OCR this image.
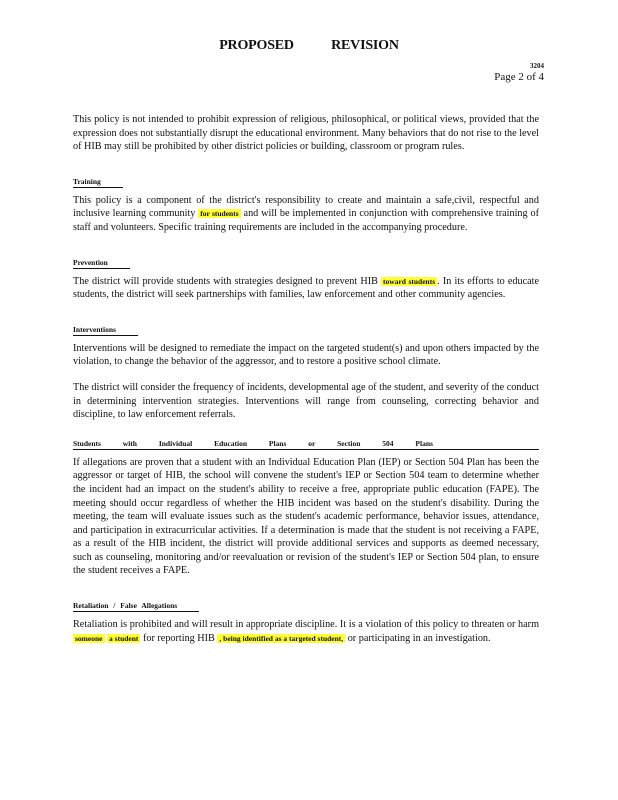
PROPOSED REVISION
3204
Page 2 of 4

This policy is not intended to prohibit expression of religious, philosophical, or political views, provided that the expression does not substantially disrupt the educational environment. Many behaviors that do not rise to the level of HIB may still be prohibited by other district policies or building, classroom or program rules.

Training

This policy is a component of the district's responsibility to create and maintain a safe,civil, respectful and inclusive learning community for students and will be implemented in conjunction with comprehensive training of staff and volunteers. Specific training requirements are included in the accompanying procedure.

Prevention

The district will provide students with strategies designed to prevent HIB toward students . In its efforts to educate students, the district will seek partnerships with families, law enforcement and other community agencies.

Interventions

Interventions will be designed to remediate the impact on the targeted student(s) and upon others impacted by the violation, to change the behavior of the aggressor, and to restore a positive school climate.

The district will consider the frequency of incidents, developmental age of the student, and severity of the conduct in determining intervention strategies. Interventions will range from counseling, correcting behavior and discipline, to law enforcement referrals.

Students with Individual Education Plans or Section 504 Plans

If allegations are proven that a student with an Individual Education Plan (IEP) or Section 504 Plan has been the aggressor or target of HIB, the school will convene the student's IEP or Section 504 team to determine whether the incident had an impact on the student's ability to receive a free, appropriate public education (FAPE). The meeting should occur regardless of whether the HIB incident was based on the student's disability. During the meeting, the team will evaluate issues such as the student's academic performance, behavior issues, attendance, and participation in extracurricular activities. If a determination is made that the student is not receiving a FAPE, as a result of the HIB incident, the district will provide additional services and supports as deemed necessary, such as counseling, monitoring and/or reevaluation or revision of the student's IEP or Section 504 plan, to ensure the student receives a FAPE.

Retaliation / False Allegations

Retaliation is prohibited and will result in appropriate discipline. It is a violation of this policy to threaten or harm someone a student for reporting HIB , being identified as a targeted student, or participating in an investigation.
